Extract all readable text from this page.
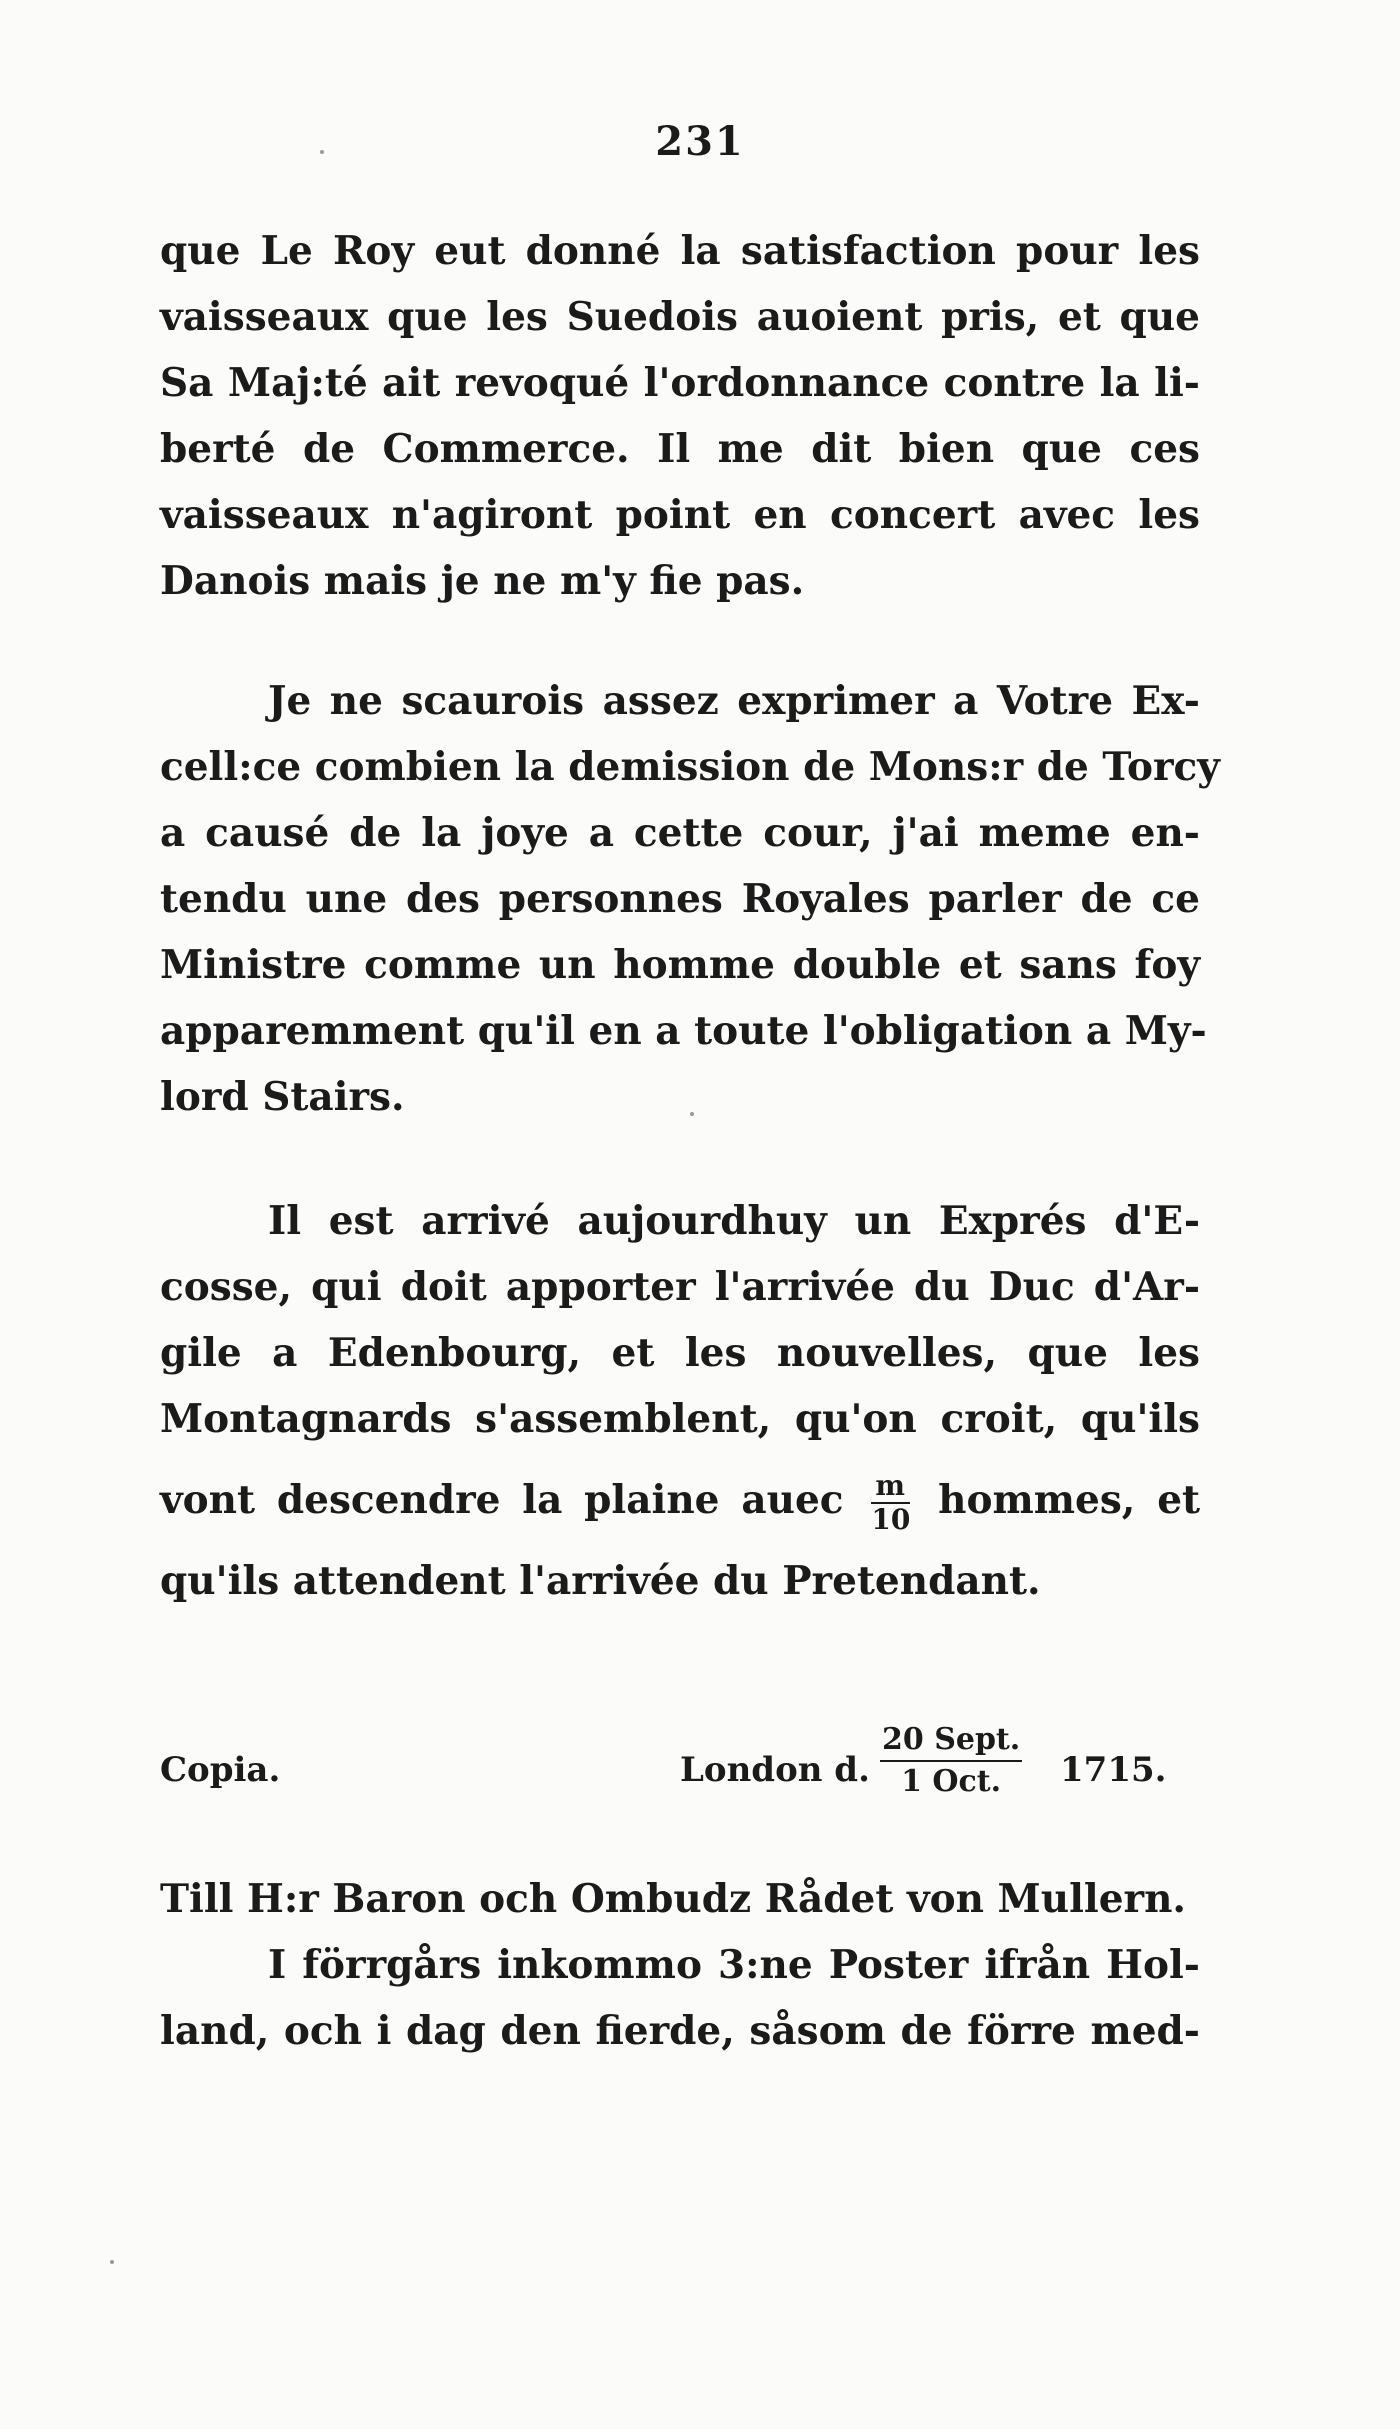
231
que Le Roy eut donné la satisfaction pour les
vaisseaux que les Suedois auoient pris, et que
Sa Maj:té ait revoqué l'ordonnance contre la li-
berté de Commerce. Il me dit bien que ces
vaisseaux n'agiront point en concert avec les
Danois mais je ne m'y fie pas.
Je ne scaurois assez exprimer a Votre Ex-
cell:ce combien la demission de Mons:r de Torcy
a causé de la joye a cette cour, j'ai meme en-
tendu une des personnes Royales parler de ce
Ministre comme un homme double et sans foy
apparemment qu'il en a toute l'obligation a My-
lord Stairs.
Il est arrivé aujourdhuy un Exprés d'E-
cosse, qui doit apporter l'arrivée du Duc d'Ar-
gile a Edenbourg, et les nouvelles, que les
Montagnards s'assemblent, qu'on croit, qu'ils
vont descendre la plaine auec $\frac{m}{10}$ hommes, et
qu'ils attendent l'arrivée du Pretendant.
Copia.	London d.
20 Sept.
1 Oct.	1715.
Till H:r Baron och Ombudz Rådet von Mullern.
I förrgårs inkommo 3:ne Poster ifrån Hol-
land, och i dag den fierde, såsom de förre med-
